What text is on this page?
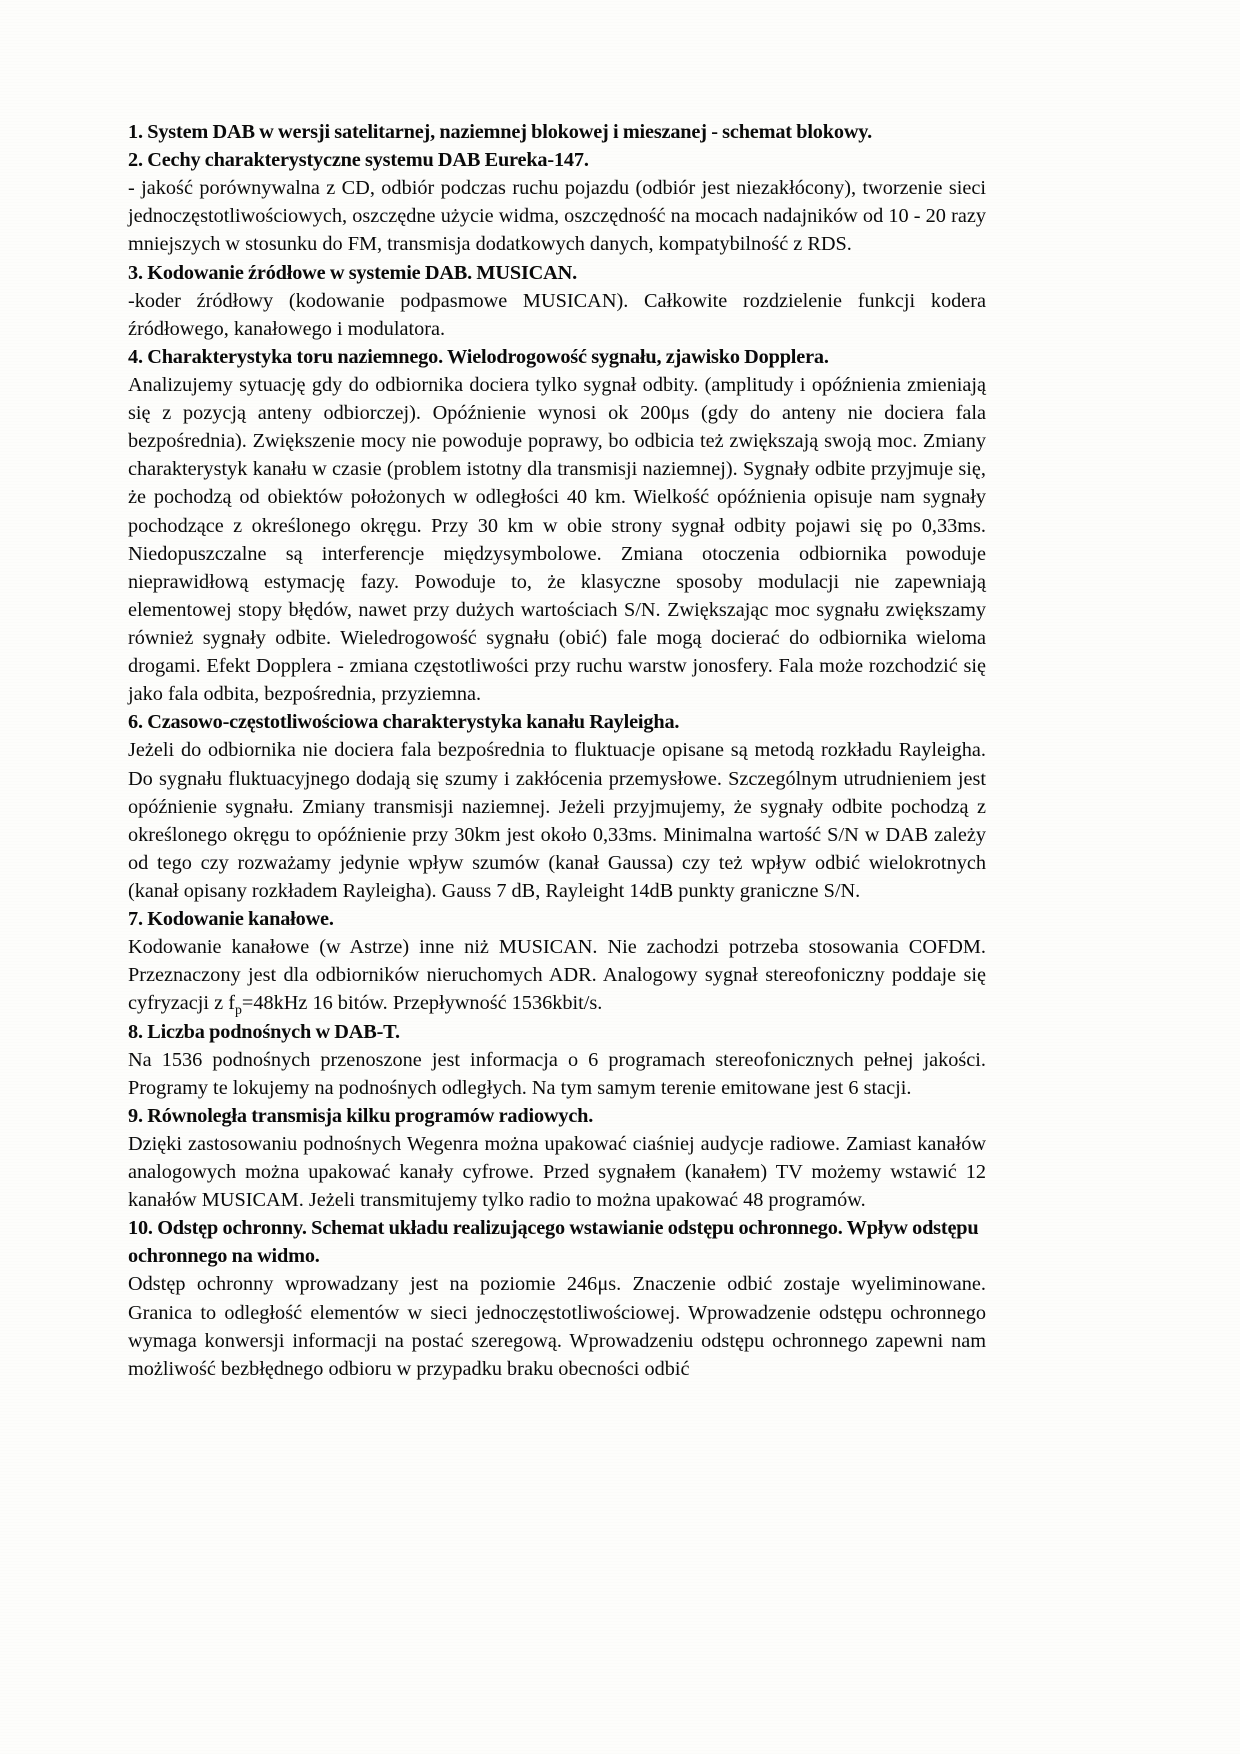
1. System DAB w wersji satelitarnej, naziemnej blokowej i mieszanej - schemat blokowy.

2. Cechy charakterystyczne systemu DAB Eureka-147.

- jakość porównywalna z CD, odbiór podczas ruchu pojazdu (odbiór jest niezakłócony), tworzenie sieci jednoczęstotliwościowych, oszczędne użycie widma, oszczędność na mocach nadajników od 10 - 20 razy mniejszych w stosunku do FM, transmisja dodatkowych danych, kompatybilność z RDS.

3. Kodowanie źródłowe w systemie DAB. MUSICAN.

-koder źródłowy (kodowanie podpasmowe MUSICAN). Całkowite rozdzielenie funkcji kodera źródłowego, kanałowego i modulatora.

4. Charakterystyka toru naziemnego. Wielodrogowość sygnału, zjawisko Dopplera.

Analizujemy sytuację gdy do odbiornika dociera tylko sygnał odbity. (amplitudy i opóźnienia zmieniają się z pozycją anteny odbiorczej). Opóźnienie wynosi ok 200μs (gdy do anteny nie dociera fala bezpośrednia). Zwiększenie mocy nie powoduje poprawy, bo odbicia też zwiększają swoją moc. Zmiany charakterystyk kanału w czasie (problem istotny dla transmisji naziemnej). Sygnały odbite przyjmuje się, że pochodzą od obiektów położonych w odległości 40 km. Wielkość opóźnienia opisuje nam sygnały pochodzące z określonego okręgu. Przy 30 km w obie strony sygnał odbity pojawi się po 0,33ms. Niedopuszczalne są interferencje międzysymbolowe. Zmiana otoczenia odbiornika powoduje nieprawidłową estymację fazy. Powoduje to, że klasyczne sposoby modulacji nie zapewniają elementowej stopy błędów, nawet przy dużych wartościach S/N. Zwiększając moc sygnału zwiększamy również sygnały odbite. Wieledrogowość sygnału (obić) fale mogą docierać do odbiornika wieloma drogami. Efekt Dopplera - zmiana częstotliwości przy ruchu warstw jonosfery. Fala może rozchodzić się jako fala odbita, bezpośrednia, przyziemna.

6. Czasowo-częstotliwościowa charakterystyka kanału Rayleigha.

Jeżeli do odbiornika nie dociera fala bezpośrednia to fluktuacje opisane są metodą rozkładu Rayleigha. Do sygnału fluktuacyjnego dodają się szumy i zakłócenia przemysłowe. Szczególnym utrudnieniem jest opóźnienie sygnału. Zmiany transmisji naziemnej. Jeżeli przyjmujemy, że sygnały odbite pochodzą z określonego okręgu to opóźnienie przy 30km jest około 0,33ms. Minimalna wartość S/N w DAB zależy od tego czy rozważamy jedynie wpływ szumów (kanał Gaussa) czy też wpływ odbić wielokrotnych (kanał opisany rozkładem Rayleigha). Gauss 7 dB, Rayleight 14dB punkty graniczne S/N.

7. Kodowanie kanałowe.

Kodowanie kanałowe (w Astrze) inne niż MUSICAN. Nie zachodzi potrzeba stosowania COFDM. Przeznaczony jest dla odbiorników nieruchomych ADR. Analogowy sygnał stereofoniczny poddaje się cyfryzacji z $f_p=48kHz$ 16 bitów. Przepływność 1536kbit/s.

8. Liczba podnośnych w DAB-T.

Na 1536 podnośnych przenoszone jest informacja o 6 programach stereofonicznych pełnej jakości. Programy te lokujemy na podnośnych odległych. Na tym samym terenie emitowane jest 6 stacji.

9. Równoległa transmisja kilku programów radiowych.

Dzięki zastosowaniu podnośnych Wegenra można upakować ciaśniej audycje radiowe. Zamiast kanałów analogowych można upakować kanały cyfrowe. Przed sygnałem (kanałem) TV możemy wstawić 12 kanałów MUSICAM. Jeżeli transmitujemy tylko radio to można upakować 48 programów.

10. Odstęp ochronny. Schemat układu realizującego wstawianie odstępu ochronnego. Wpływ odstępu ochronnego na widmo.

Odstęp ochronny wprowadzany jest na poziomie 246μs. Znaczenie odbić zostaje wyeliminowane. Granica to odległość elementów w sieci jednoczęstotliwościowej. Wprowadzenie odstępu ochronnego wymaga konwersji informacji na postać szeregową. Wprowadzeniu odstępu ochronnego zapewni nam możliwość bezbłędnego odbioru w przypadku braku obecności odbić
